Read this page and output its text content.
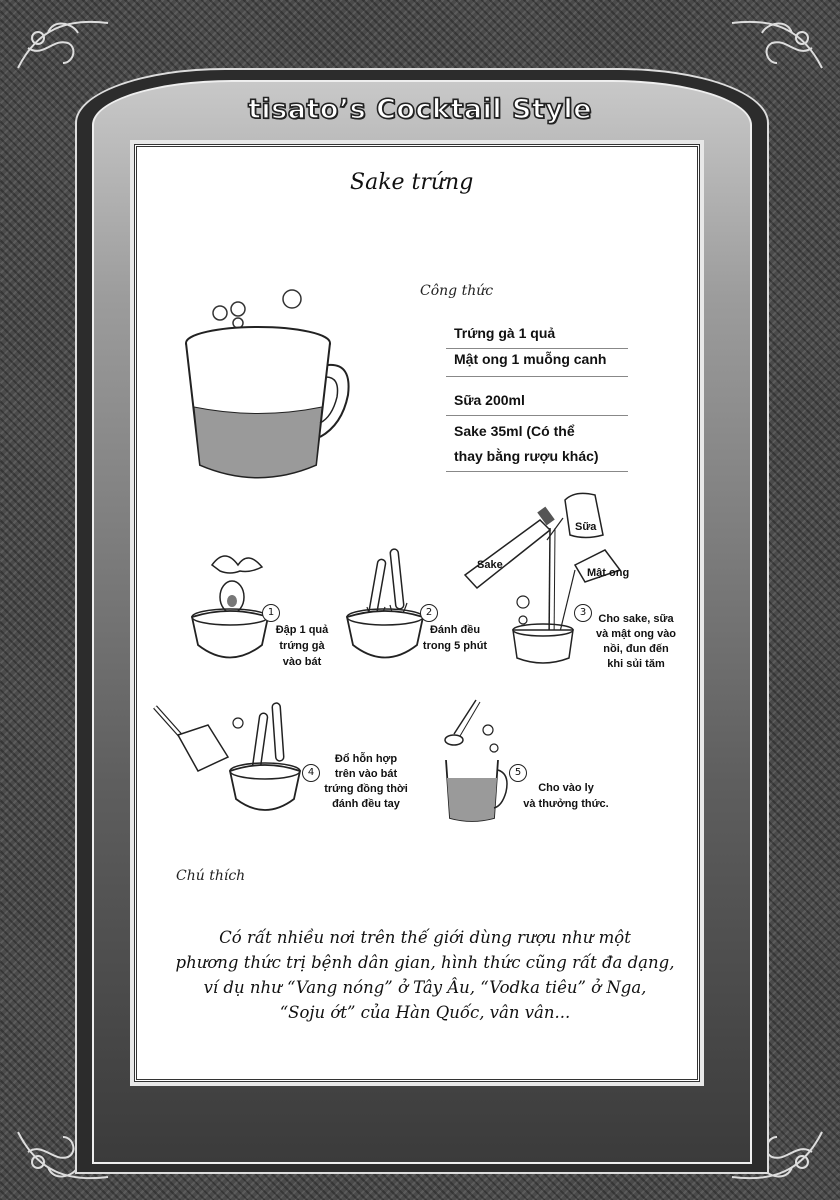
tisato’s Cocktail Style
Sake trứng
Công thức
Trứng gà 1 quả
Mật ong 1 muỗng canh
Sữa 200ml
Sake 35ml (Có thể
thay bằng rượu khác)
1
Đập 1 quả
trứng gà
vào bát
2
Đánh đều
trong 5 phút
Sake
Sữa
Mật ong
3
Cho sake, sữa
và mật ong vào
nồi, đun đến
khi sủi tăm
4
Đổ hỗn hợp
trên vào bát
trứng đồng thời
đánh đều tay
5
Cho vào ly
và thưởng thức.
Chú thích
Có rất nhiều nơi trên thế giới dùng rượu như một
phương thức trị bệnh dân gian, hình thức cũng rất đa dạng,
ví dụ như “Vang nóng” ở Tây Âu, “Vodka tiêu” ở Nga,
“Soju ớt” của Hàn Quốc, vân vân...
